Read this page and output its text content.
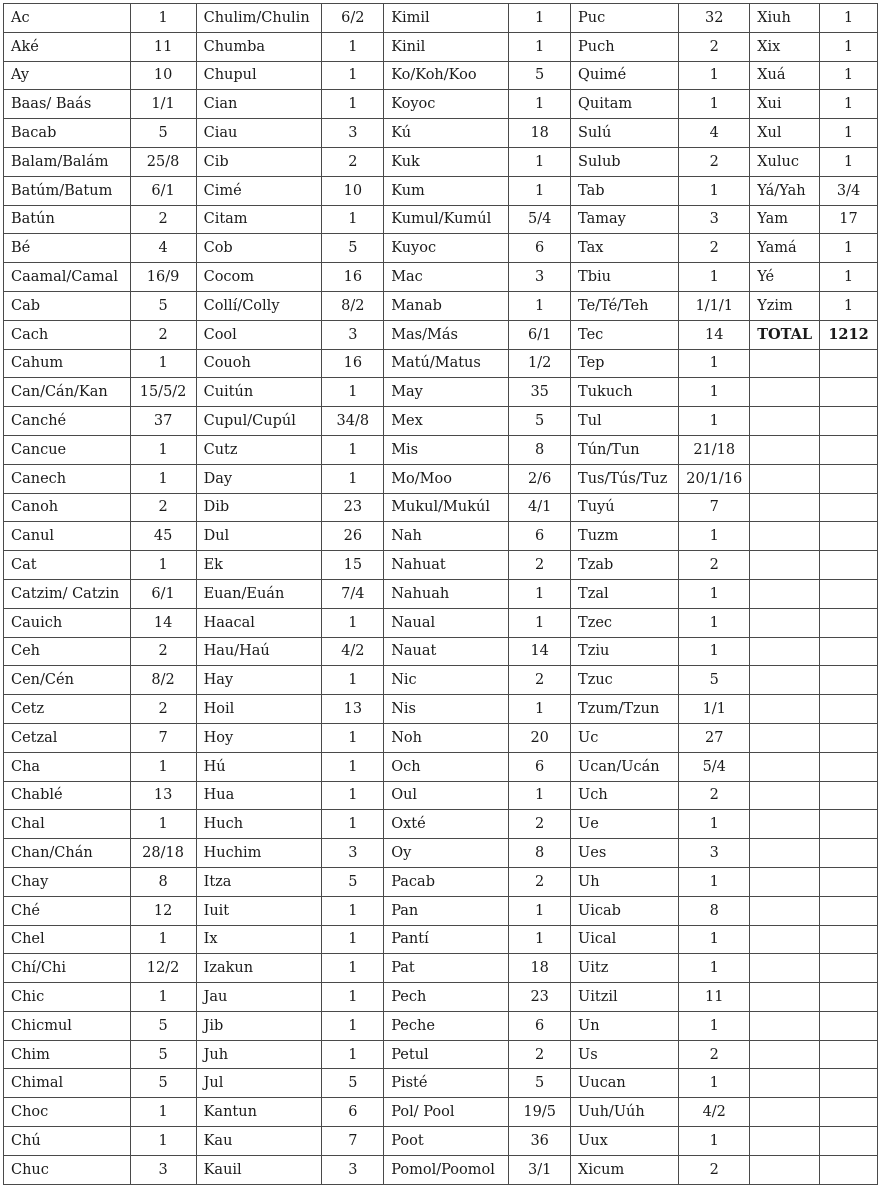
Ac	1	Chulim/Chulin	6/2	Kimil	1	Puc	32	Xiuh	1
Aké	11	Chumba	1	Kinil	1	Puch	2	Xix	1
Ay	10	Chupul	1	Ko/Koh/Koo	5	Quimé	1	Xuá	1
Baas/ Baás	1/1	Cian	1	Koyoc	1	Quitam	1	Xui	1
Bacab	5	Ciau	3	Kú	18	Sulú	4	Xul	1
Balam/Balám	25/8	Cib	2	Kuk	1	Sulub	2	Xuluc	1
Batúm/Batum	6/1	Cimé	10	Kum	1	Tab	1	Yá/Yah	3/4
Batún	2	Citam	1	Kumul/Kumúl	5/4	Tamay	3	Yam	17
Bé	4	Cob	5	Kuyoc	6	Tax	2	Yamá	1
Caamal/Camal	16/9	Cocom	16	Mac	3	Tbiu	1	Yé	1
Cab	5	Collí/Colly	8/2	Manab	1	Te/Té/Teh	1/1/1	Yzim	1
Cach	2	Cool	3	Mas/Más	6/1	Tec	14	TOTAL	1212
Cahum	1	Couoh	16	Matú/Matus	1/2	Tep	1		
Can/Cán/Kan	15/5/2	Cuitún	1	May	35	Tukuch	1		
Canché	37	Cupul/Cupúl	34/8	Mex	5	Tul	1		
Cancue	1	Cutz	1	Mis	8	Tún/Tun	21/18		
Canech	1	Day	1	Mo/Moo	2/6	Tus/Tús/Tuz	20/1/16		
Canoh	2	Dib	23	Mukul/Mukúl	4/1	Tuyú	7		
Canul	45	Dul	26	Nah	6	Tuzm	1		
Cat	1	Ek	15	Nahuat	2	Tzab	2		
Catzim/ Catzin	6/1	Euan/Euán	7/4	Nahuah	1	Tzal	1		
Cauich	14	Haacal	1	Naual	1	Tzec	1		
Ceh	2	Hau/Haú	4/2	Nauat	14	Tziu	1		
Cen/Cén	8/2	Hay	1	Nic	2	Tzuc	5		
Cetz	2	Hoil	13	Nis	1	Tzum/Tzun	1/1		
Cetzal	7	Hoy	1	Noh	20	Uc	27		
Cha	1	Hú	1	Och	6	Ucan/Ucán	5/4		
Chablé	13	Hua	1	Oul	1	Uch	2		
Chal	1	Huch	1	Oxté	2	Ue	1		
Chan/Chán	28/18	Huchim	3	Oy	8	Ues	3		
Chay	8	Itza	5	Pacab	2	Uh	1		
Ché	12	Iuit	1	Pan	1	Uicab	8		
Chel	1	Ix	1	Pantí	1	Uical	1		
Chí/Chi	12/2	Izakun	1	Pat	18	Uitz	1		
Chic	1	Jau	1	Pech	23	Uitzil	11		
Chicmul	5	Jib	1	Peche	6	Un	1		
Chim	5	Juh	1	Petul	2	Us	2		
Chimal	5	Jul	5	Pisté	5	Uucan	1		
Choc	1	Kantun	6	Pol/ Pool	19/5	Uuh/Uúh	4/2		
Chú	1	Kau	7	Poot	36	Uux	1		
Chuc	3	Kauil	3	Pomol/Poomol	3/1	Xicum	2		
